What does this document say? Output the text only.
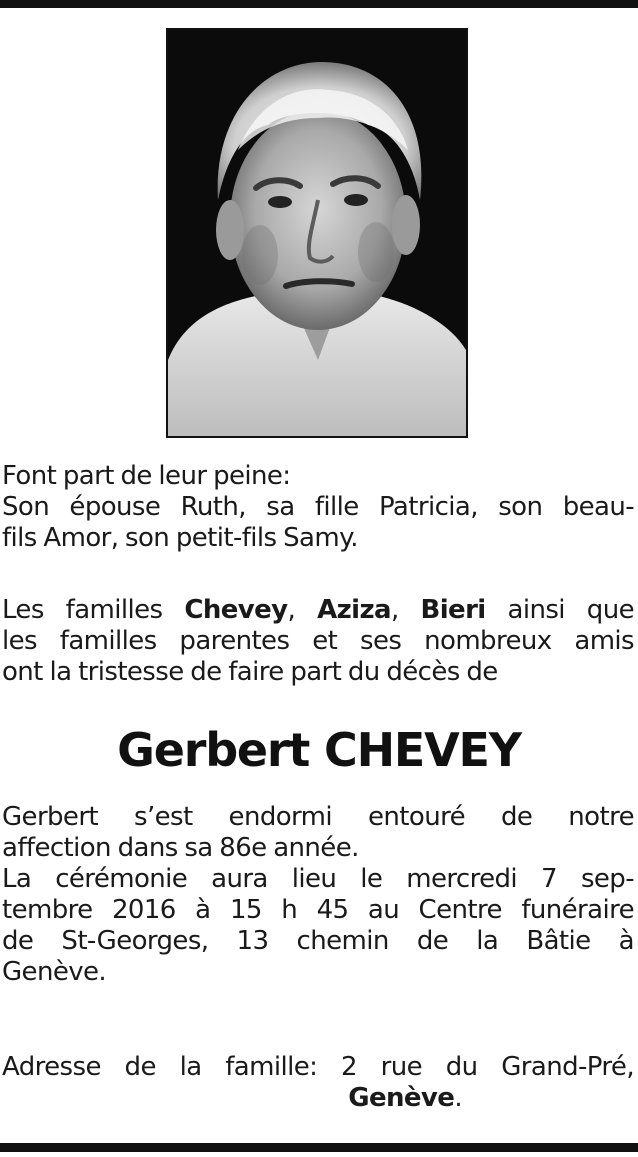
Font part de leur peine:
Son épouse Ruth, sa fille Patricia, son beau-
fils Amor, son petit-fils Samy.
Les familles Chevey, Aziza, Bieri ainsi que
les familles parentes et ses nombreux amis
ont la tristesse de faire part du décès de
Gerbert CHEVEY
Gerbert s’est endormi entouré de notre
affection dans sa 86e année.
La cérémonie aura lieu le mercredi 7 sep-
tembre 2016 à 15 h 45 au Centre funéraire
de St-Georges, 13 chemin de la Bâtie à
Genève.
Adresse de la famille: 2 rue du Grand-Pré,
Genève.
